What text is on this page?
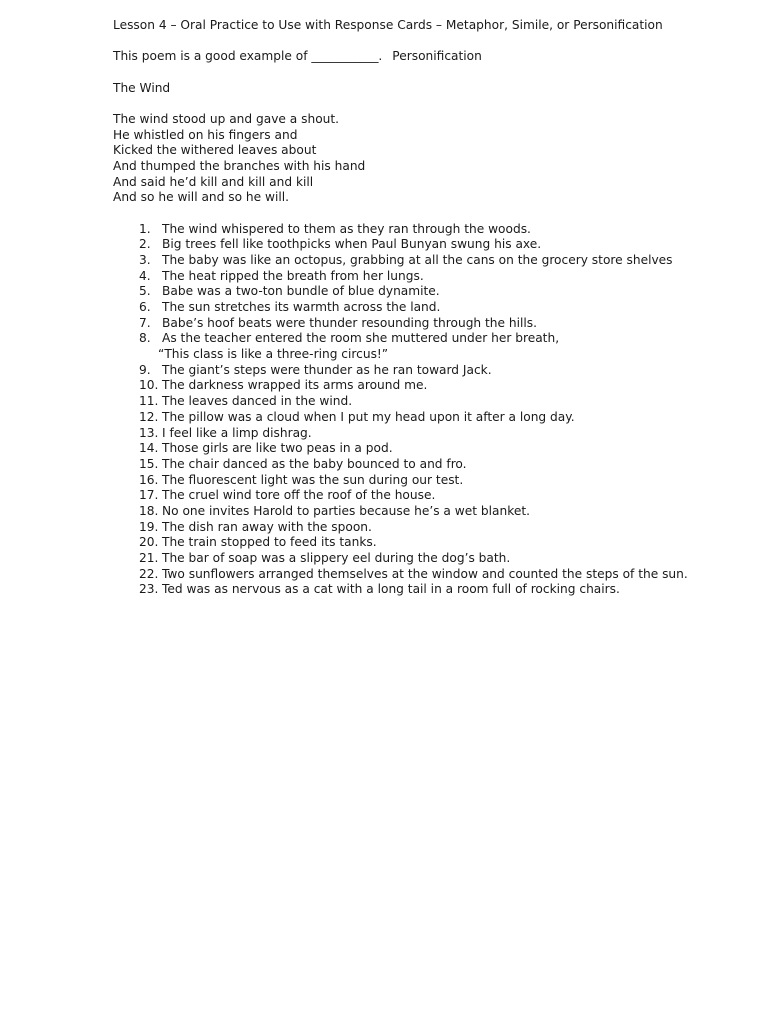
Lesson 4 – Oral Practice to Use with Response Cards – Metaphor, Simile, or Personification
This poem is a good example of ___________. Personification
The Wind
The wind stood up and gave a shout.
He whistled on his fingers and
Kicked the withered leaves about
And thumped the branches with his hand
And said he’d kill and kill and kill
And so he will and so he will.
1. The wind whispered to them as they ran through the woods.
2. Big trees fell like toothpicks when Paul Bunyan swung his axe.
3. The baby was like an octopus, grabbing at all the cans on the grocery store shelves
4. The heat ripped the breath from her lungs.
5. Babe was a two-ton bundle of blue dynamite.
6. The sun stretches its warmth across the land.
7. Babe’s hoof beats were thunder resounding through the hills.
8. As the teacher entered the room she muttered under her breath,
“This class is like a three-ring circus!”
9. The giant’s steps were thunder as he ran toward Jack.
10. The darkness wrapped its arms around me.
11. The leaves danced in the wind.
12. The pillow was a cloud when I put my head upon it after a long day.
13. I feel like a limp dishrag.
14. Those girls are like two peas in a pod.
15. The chair danced as the baby bounced to and fro.
16. The fluorescent light was the sun during our test.
17. The cruel wind tore off the roof of the house.
18. No one invites Harold to parties because he’s a wet blanket.
19. The dish ran away with the spoon.
20. The train stopped to feed its tanks.
21. The bar of soap was a slippery eel during the dog’s bath.
22. Two sunflowers arranged themselves at the window and counted the steps of the sun.
23. Ted was as nervous as a cat with a long tail in a room full of rocking chairs.
